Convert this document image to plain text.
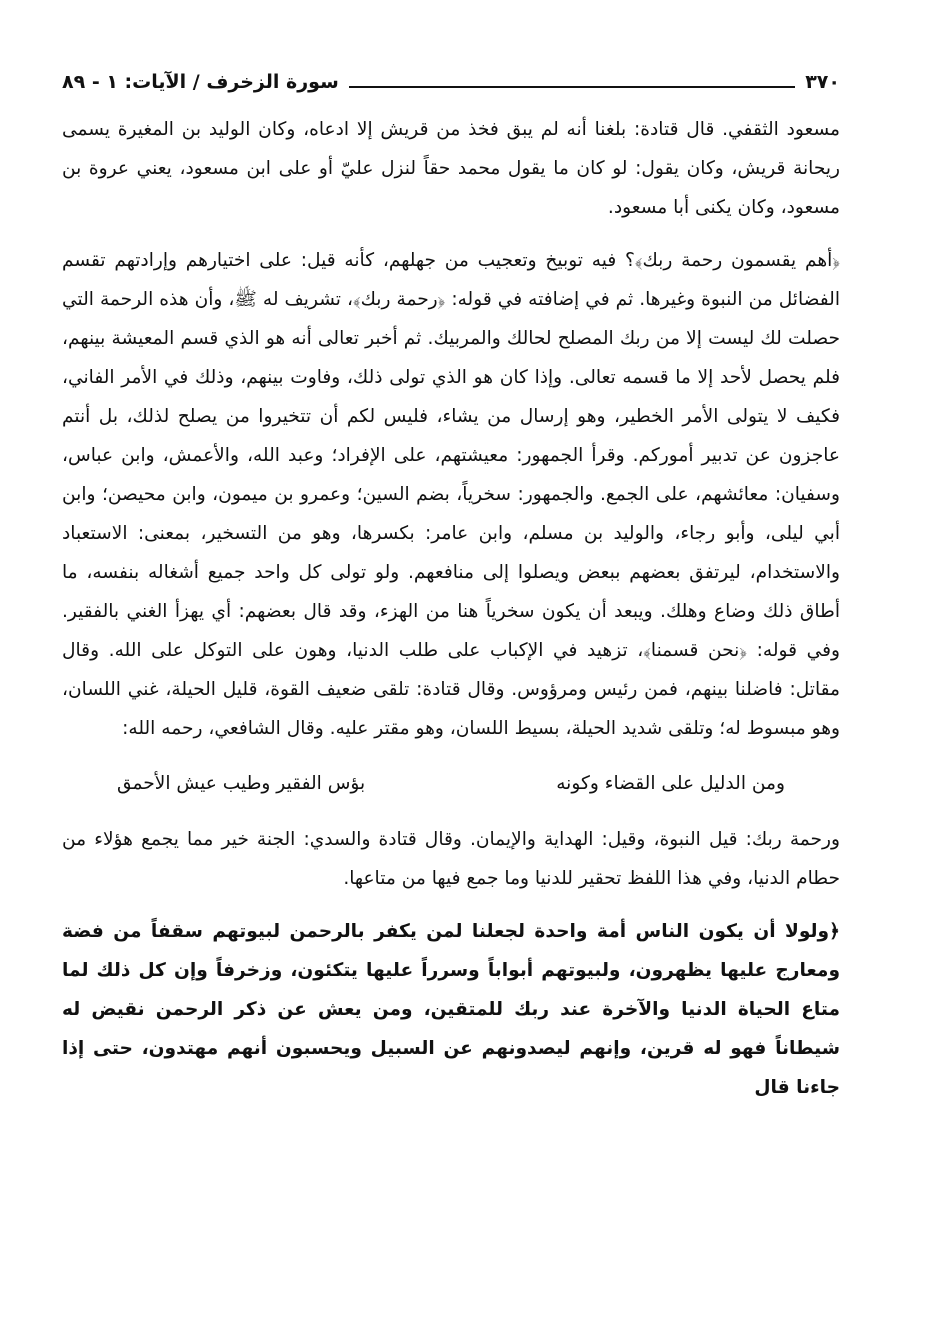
٣٧٠
سورة الزخرف / الآيات: ١ - ٨٩

مسعود الثقفي. قال قتادة: بلغنا أنه لم يبق فخذ من قريش إلا ادعاه، وكان الوليد بن المغيرة يسمى ريحانة قريش، وكان يقول: لو كان ما يقول محمد حقاً لنزل عليّ أو على ابن مسعود، يعني عروة بن مسعود، وكان يكنى أبا مسعود.

﴿أهم يقسمون رحمة ربك﴾؟ فيه توبيخ وتعجيب من جهلهم، كأنه قيل: على اختيارهم وإرادتهم تقسم الفضائل من النبوة وغيرها. ثم في إضافته في قوله: ﴿رحمة ربك﴾، تشريف له ﷺ، وأن هذه الرحمة التي حصلت لك ليست إلا من ربك المصلح لحالك والمربيك. ثم أخبر تعالى أنه هو الذي قسم المعيشة بينهم، فلم يحصل لأحد إلا ما قسمه تعالى. وإذا كان هو الذي تولى ذلك، وفاوت بينهم، وذلك في الأمر الفاني، فكيف لا يتولى الأمر الخطير، وهو إرسال من يشاء، فليس لكم أن تتخيروا من يصلح لذلك، بل أنتم عاجزون عن تدبير أموركم. وقرأ الجمهور: معيشتهم، على الإفراد؛ وعبد الله، والأعمش، وابن عباس، وسفيان: معائشهم، على الجمع. والجمهور: سخرياً، بضم السين؛ وعمرو بن ميمون، وابن محيصن؛ وابن أبي ليلى، وأبو رجاء، والوليد بن مسلم، وابن عامر: بكسرها، وهو من التسخير، بمعنى: الاستعباد والاستخدام، ليرتفق بعضهم ببعض ويصلوا إلى منافعهم. ولو تولى كل واحد جميع أشغاله بنفسه، ما أطاق ذلك وضاع وهلك. ويبعد أن يكون سخرياً هنا من الهزء، وقد قال بعضهم: أي يهزأ الغني بالفقير. وفي قوله: ﴿نحن قسمنا﴾، تزهيد في الإكباب على طلب الدنيا، وهون على التوكل على الله. وقال مقاتل: فاضلنا بينهم، فمن رئيس ومرؤوس. وقال قتادة: تلقى ضعيف القوة، قليل الحيلة، غني اللسان، وهو مبسوط له؛ وتلقى شديد الحيلة، بسيط اللسان، وهو مقتر عليه. وقال الشافعي، رحمه الله:

ومن الدليل على القضاء وكونه
بؤس الفقير وطيب عيش الأحمق

ورحمة ربك: قيل النبوة، وقيل: الهداية والإيمان. وقال قتادة والسدي: الجنة خير مما يجمع هؤلاء من حطام الدنيا، وفي هذا اللفظ تحقير للدنيا وما جمع فيها من متاعها.

﴿ولولا أن يكون الناس أمة واحدة لجعلنا لمن يكفر بالرحمن لبيوتهم سقفاً من فضة ومعارج عليها يظهرون، ولبيوتهم أبواباً وسرراً عليها يتكئون، وزخرفاً وإن كل ذلك لما متاع الحياة الدنيا والآخرة عند ربك للمتقين، ومن يعش عن ذكر الرحمن نقيض له شيطاناً فهو له قرين، وإنهم ليصدونهم عن السبيل ويحسبون أنهم مهتدون، حتى إذا جاءنا قال
